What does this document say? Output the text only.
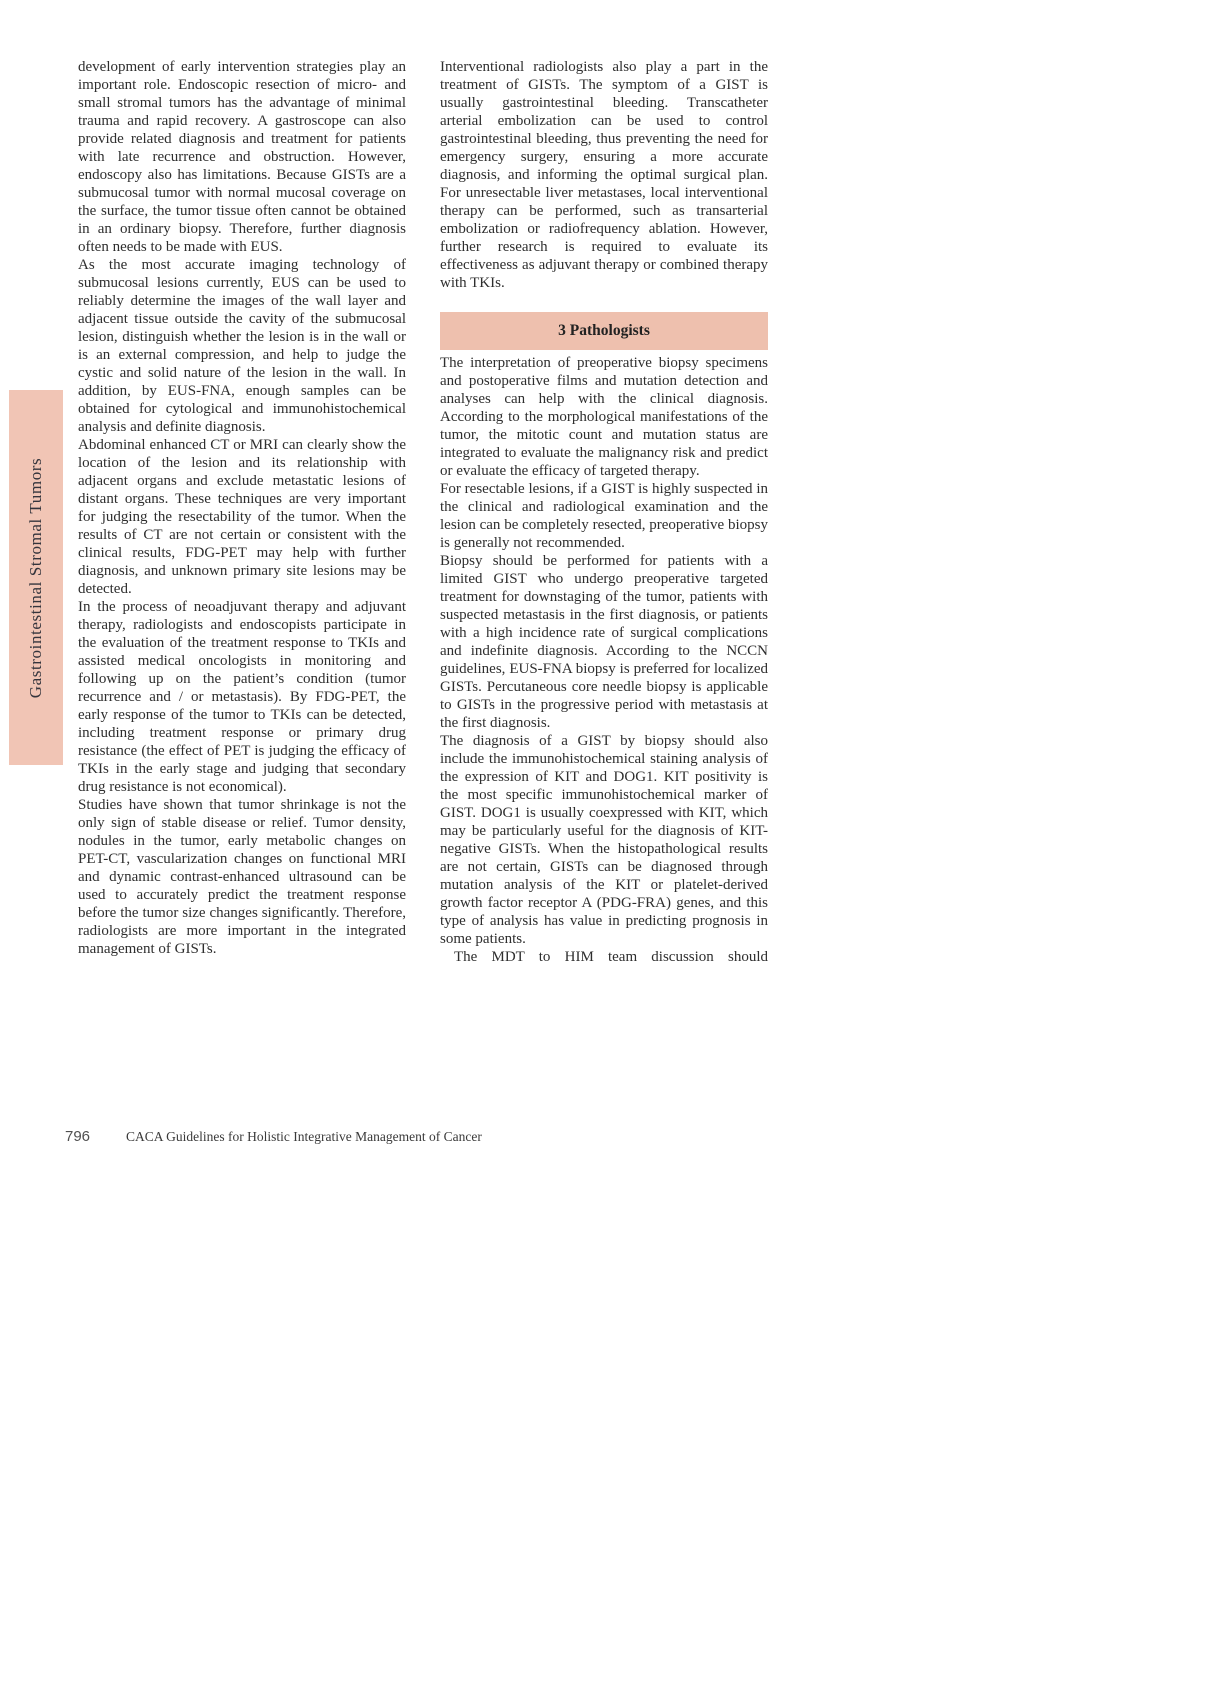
Gastrointestinal Stromal Tumors

development of early intervention strategies play an important role. Endoscopic resection of micro- and small stromal tumors has the advantage of minimal trauma and rapid recovery. A gastroscope can also provide related diagnosis and treatment for patients with late recurrence and obstruction. However, endoscopy also has limitations. Because GISTs are a submucosal tumor with normal mucosal coverage on the surface, the tumor tissue often cannot be obtained in an ordinary biopsy. Therefore, further diagnosis often needs to be made with EUS.

As the most accurate imaging technology of submucosal lesions currently, EUS can be used to reliably determine the images of the wall layer and adjacent tissue outside the cavity of the submucosal lesion, distinguish whether the lesion is in the wall or is an external compression, and help to judge the cystic and solid nature of the lesion in the wall. In addition, by EUS-FNA, enough samples can be obtained for cytological and immunohistochemical analysis and definite diagnosis.

Abdominal enhanced CT or MRI can clearly show the location of the lesion and its relationship with adjacent organs and exclude metastatic lesions of distant organs. These techniques are very important for judging the resectability of the tumor. When the results of CT are not certain or consistent with the clinical results, FDG-PET may help with further diagnosis, and unknown primary site lesions may be detected.

In the process of neoadjuvant therapy and adjuvant therapy, radiologists and endoscopists participate in the evaluation of the treatment response to TKIs and assisted medical oncologists in monitoring and following up on the patient’s condition (tumor recurrence and / or metastasis). By FDG-PET, the early response of the tumor to TKIs can be detected, including treatment response or primary drug resistance (the effect of PET is judging the efficacy of TKIs in the early stage and judging that secondary drug resistance is not economical).

Studies have shown that tumor shrinkage is not the only sign of stable disease or relief. Tumor density, nodules in the tumor, early metabolic changes on PET-CT, vascularization changes on functional MRI and dynamic contrast-enhanced ultrasound can be used to accurately predict the treatment response before the tumor size changes significantly. Therefore, radiologists are more important in the integrated management of GISTs.

Interventional radiologists also play a part in the treatment of GISTs. The symptom of a GIST is usually gastrointestinal bleeding. Transcatheter arterial embolization can be used to control gastrointestinal bleeding, thus preventing the need for emergency surgery, ensuring a more accurate diagnosis, and informing the optimal surgical plan. For unresectable liver metastases, local interventional therapy can be performed, such as transarterial embolization or radiofrequency ablation. However, further research is required to evaluate its effectiveness as adjuvant therapy or combined therapy with TKIs.

3 Pathologists

The interpretation of preoperative biopsy specimens and postoperative films and mutation detection and analyses can help with the clinical diagnosis. According to the morphological manifestations of the tumor, the mitotic count and mutation status are integrated to evaluate the malignancy risk and predict or evaluate the efficacy of targeted therapy.

For resectable lesions, if a GIST is highly suspected in the clinical and radiological examination and the lesion can be completely resected, preoperative biopsy is generally not recommended.

Biopsy should be performed for patients with a limited GIST who undergo preoperative targeted treatment for downstaging of the tumor, patients with suspected metastasis in the first diagnosis, or patients with a high incidence rate of surgical complications and indefinite diagnosis. According to the NCCN guidelines, EUS-FNA biopsy is preferred for localized GISTs. Percutaneous core needle biopsy is applicable to GISTs in the progressive period with metastasis at the first diagnosis.

The diagnosis of a GIST by biopsy should also include the immunohistochemical staining analysis of the expression of KIT and DOG1. KIT positivity is the most specific immunohistochemical marker of GIST. DOG1 is usually coexpressed with KIT, which may be particularly useful for the diagnosis of KIT-negative GISTs. When the histopathological results are not certain, GISTs can be diagnosed through mutation analysis of the KIT or platelet-derived growth factor receptor A (PDG-FRA) genes, and this type of analysis has value in predicting prognosis in some patients.

The MDT to HIM team discussion should

796	CACA Guidelines for Holistic Integrative Management of Cancer
